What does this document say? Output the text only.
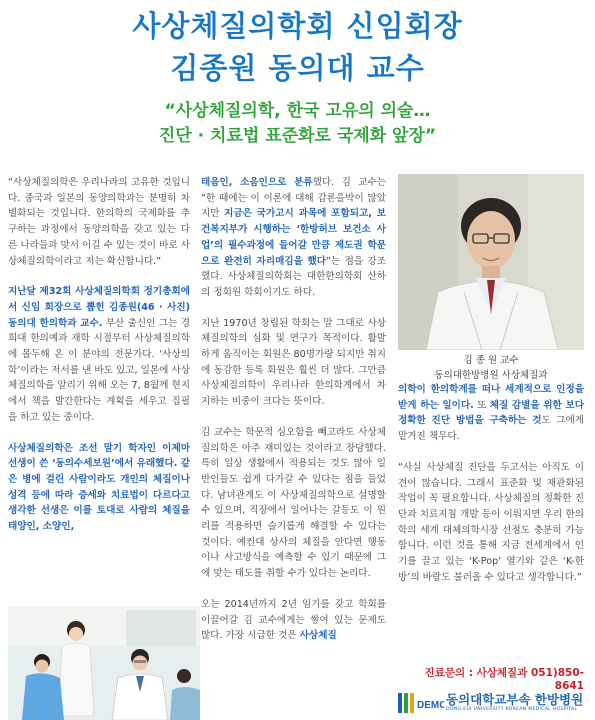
사상체질의학회 신임회장
김종원 동의대 교수
“사상체질의학, 한국 고유의 의술…
진단 · 치료법 표준화로 국제화 앞장”

“사상체질의학은 우리나라의 고유한 것입니다. 중국과 일본의 동양의학과는 분명히 차별화되는 것입니다. 한의학의 국제화를 추구하는 과정에서 동양의학을 갖고 있는 다른 나라들과 맞서 이길 수 있는 것이 바로 사상체질의학이라고 저는 확신합니다.”

지난달 제32회 사상체질의학회 정기총회에서 신임 회장으로 뽑힌 김종원(46 · 사진) 동의대 한의학과 교수. 부산 출신인 그는 경희대 한의예과 재학 시절부터 사상체질의학에 몰두해 온 이 분야의 전문가다. ‘사상의학’이라는 저서를 낸 바도 있고, 일본에 사상체질의학을 알리기 위해 오는 7, 8월께 현지에서 책을 발간한다는 계획을 세우고 집필을 하고 있는 중이다.

사상체질의학은 조선 말기 학자인 이제마 선생이 쓴 ‘동의수세보원’에서 유래했다. 같은 병에 걸린 사람이라도 개인의 체질이나 성격 등에 따라 증세와 치료법이 다르다고 생각한 선생은 이를 토대로 사람의 체질을 태양인, 소양인,

태음인, 소음인으로 분류했다. 김 교수는 “한 때에는 이 이론에 대해 갑론을박이 많았지만 지금은 국가고시 과목에 포함되고, 보건복지부가 시행하는 ‘한방허브 보건소 사업’의 필수과정에 들어갈 만큼 제도권 학문으로 완전히 자리매김을 했다”는 점을 강조했다. 사상체질의학회는 대한한의학회 산하의 정회원 학회이기도 하다.

지난 1970년 창립된 학회는 말 그대로 사상체질의학의 심화 및 연구가 목적이다. 활발하게 움직이는 회원은 80명가량 되지만 취지에 동감한 등록 회원은 훨씬 더 많다. 그만큼 사상체질의학이 우리나라 한의학계에서 차지하는 비중이 크다는 뜻이다.

김 교수는 학문적 심오함을 빼고라도 사상체질의학은 아주 재미있는 것이라고 장담했다. 특히 일상 생활에서 적용되는 것도 많아 일반인들도 쉽게 다가갈 수 있다는 점을 들었다. 남녀관계도 이 사상체질의학으로 설명할 수 있으며, 직장에서 일어나는 갈등도 이 원리를 적용하면 슬기롭게 해결할 수 있다는 것이다. 예컨대 상사의 체질을 안다면 행동이나 사고방식을 예측할 수 있기 때문에 그에 맞는 태도를 취할 수가 있다는 논리다.

오는 2014년까지 2년 임기를 갖고 학회를 이끌어갈 김 교수에게는 쌓여 있는 문제도 많다. 가장 시급한 것은 사상체질

김 종 원 교수
동의대한방병원 사상체질과

의학이 한의학계를 떠나 세계적으로 인정을 받게 하는 일이다. 또 체질 감별을 위한 보다 정확한 진단 방법을 구축하는 것도 그에게 맡겨진 책무다.

“사실 사상체질 진단을 두고서는 아직도 이견이 많습니다. 그래서 표준화 및 재관화된 작업이 꼭 필요합니다. 사상체질의 정확한 진단과 치료지침 개발 등이 이뤄지면 우리 한의학의 세계 대체의학시장 선점도 충분히 가능합니다. 이런 것을 통해 지금 전세계에서 인기를 끌고 있는 ‘K-Pop’ 열기와 같은 ‘K-한방’의 바람도 불러올 수 있다고 생각합니다.”

진료문의 : 사상체질과 051)850-8641
DEMC 동의대학교부속 한방병원
DONG-EUI UNIVERSITY KOREAN MEDICAL HOSPITAL
